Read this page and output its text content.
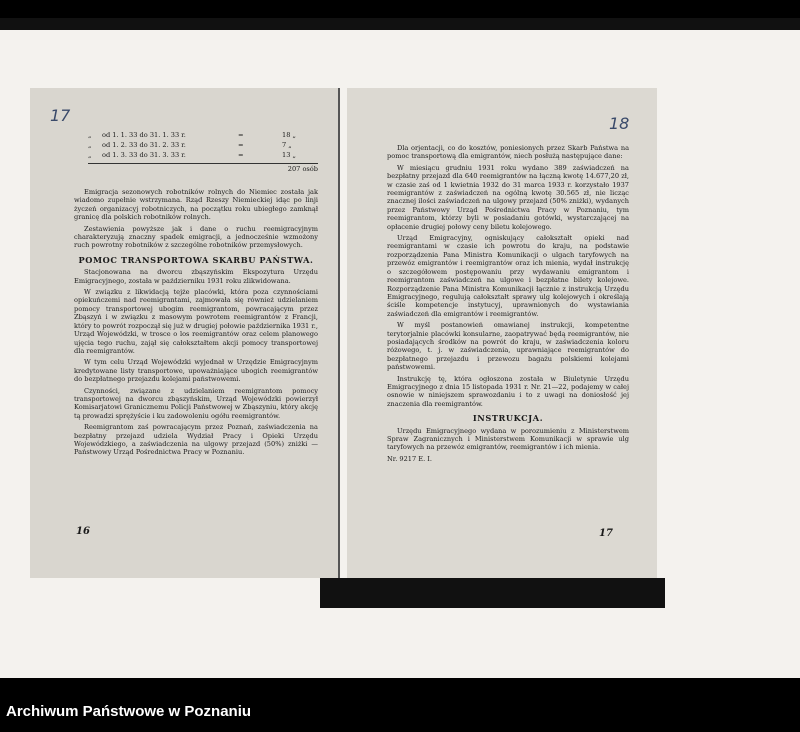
17
„	od 1. 1. 33 do 31. 1. 33 r.	=	18 „
„	od 1. 2. 33 do 31. 2. 33 r.	=	7 „
„	od 1. 3. 33 do 31. 3. 33 r.	=	13 „
207 osób

Emigracja sezonowych robotników rolnych do Niemiec została jak wiadomo zupełnie wstrzymana. Rząd Rzeszy Niemieckiej idąc po linji życzeń organizacyj robotniczych, na początku roku ubiegłego zamknął granicę dla polskich robotników rolnych.

Zestawienia powyższe jak i dane o ruchu reemigracyjnym charakteryzują znaczny spadek emigracji, a jednocześnie wzmożony ruch powrotny robotników z szczególne robotników przemysłowych.

POMOC TRANSPORTOWA SKARBU PAŃSTWA.

Stacjonowana na dworcu zbąszyńskim Ekspozytura Urzędu Emigracyjnego, została w październiku 1931 roku zlikwidowana.

W związku z likwidacją tejże placówki, która poza czynnościami opiekuńczemi nad reemigrantami, zajmowała się również udzielaniem pomocy transportowej ubogim reemigrantom, powracającym przez Zbąszyń i w związku z masowym powrotem reemigrantów z Francji, który to powrót rozpoczął się już w drugiej połowie października 1931 r., Urząd Wojewódzki, w trosce o los reemigrantów oraz celem planowego ujęcia tego ruchu, zajął się całokształtem akcji pomocy transportowej dla reemigrantów.

W tym celu Urząd Wojewódzki wyjednał w Urzędzie Emigracyjnym kredytowane listy transportowe, upoważniające ubogich reemigrantów do bezpłatnego przejazdu kolejami państwowemi.

Czynności, związane z udzielaniem reemigrantom pomocy transportowej na dworcu zbąszyńskim, Urząd Wojewódzki powierzył Komisarjatowi Granicznemu Policji Państwowej w Zbąszyniu, który akcję tą prowadzi sprężyście i ku zadowoleniu ogółu reemigrantów.

Reemigrantom zaś powracającym przez Poznań, zaświadczenia na bezpłatny przejazd udziela Wydział Pracy i Opieki Urzędu Wojewódzkiego, a zaświadczenia na ulgowy przejazd (50%) zniżki — Państwowy Urząd Pośrednictwa Pracy w Poznaniu.

16
18

Dla orjentacji, co do kosztów, poniesionych przez Skarb Państwa na pomoc transportową dla emigrantów, niech posłużą następujące dane:

W miesiącu grudniu 1931 roku wydano 389 zaświadczeń na bezpłatny przejazd dla 640 reemigrantów na łączną kwotę 14.677,20 zł, w czasie zaś od 1 kwietnia 1932 do 31 marca 1933 r. korzystało 1937 reemigrantów z zaświadczeń na ogólną kwotę 30.565 zł, nie licząc znacznej ilości zaświadczeń na ulgowy przejazd (50% zniżki), wydanych przez Państwowy Urząd Pośrednictwa Pracy w Poznaniu, tym reemigrantom, którzy byli w posiadaniu gotówki, wystarczającej na opłacenie drugiej połowy ceny biletu kolejowego.

Urząd Emigracyjny, ogniskujący całokształt opieki nad reemigrantami w czasie ich powrotu do kraju, na podstawie rozporządzenia Pana Ministra Komunikacji o ulgach taryfowych na przewóz emigrantów i reemigrantów oraz ich mienia, wydał instrukcję o szczegółowem postępowaniu przy wydawaniu emigrantom i reemigrantom zaświadczeń na ulgowe i bezpłatne bilety kolejowe. Rozporządzenie Pana Ministra Komunikacji łącznie z instrukcją Urzędu Emigracyjnego, regulują całokształt sprawy ulg kolejowych i określają ściśle kompetencje instytucyj, uprawnionych do wystawiania zaświadczeń dla emigrantów i reemigrantów.

W myśl postanowień omawianej instrukcji, kompetentne terytorjalnie placówki konsularne, zaopatrywać będą reemigrantów, nie posiadających środków na powrót do kraju, w zaświadczenia koloru różowego, t. j. w zaświadczenia, uprawniające reemigrantów do bezpłatnego przejazdu i przewozu bagażu polskiemi kolejami państwowemi.

Instrukcję tę, która ogłoszona została w Biuletynie Urzędu Emigracyjnego z dnia 15 listopada 1931 r. Nr. 21—22, podajemy w całej osnowie w niniejszem sprawozdaniu i to z uwagi na doniosłość jej znaczenia dla reemigrantów.

INSTRUKCJA.

Urzędu Emigracyjnego wydana w porozumieniu z Ministerstwem Spraw Zagranicznych i Ministerstwem Komunikacji w sprawie ulg taryfowych na przewóz emigrantów, reemigrantów i ich mienia.

Nr. 9217 E. I.
17
Archiwum Państwowe w Poznaniu
